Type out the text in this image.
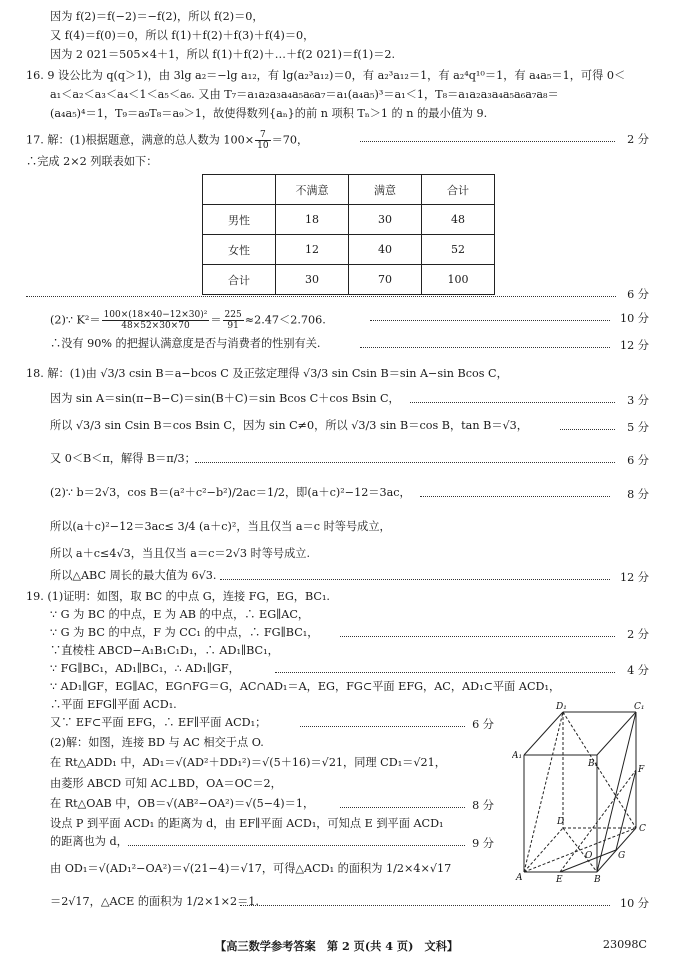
因为 f(2)＝f(−2)＝−f(2)，所以 f(2)＝0，
又 f(4)＝f(0)＝0，所以 f(1)＋f(2)＋f(3)＋f(4)＝0，
因为 2 021＝505×4＋1，所以 f(1)＋f(2)＋…＋f(2 021)＝f(1)＝2.
16. 9 设公比为 q(q＞1)，由 3lg a₂＝−lg a₁₂，有 lg(a₂³a₁₂)＝0，有 a₂³a₁₂＝1，有 a₂⁴q¹⁰＝1，有 a₄a₅＝1，可得 0＜
a₁＜a₂＜a₃＜a₄＜1＜a₅＜a₆. 又由 T₇＝a₁a₂a₃a₄a₅a₆a₇＝a₁(a₄a₅)³＝a₁＜1，T₈＝a₁a₂a₃a₄a₅a₆a₇a₈＝
(a₄a₅)⁴＝1，T₉＝a₉T₈＝a₉＞1，故使得数列{aₙ}的前 n 项积 Tₙ＞1 的 n 的最小值为 9.
17. 解：(1)根据题意，满意的总人数为 $100\times \frac{7}{10} =70$，	2 分
∴完成 2×2 列联表如下：
	不满意	满意	合计
男性	18	30	48
女性	12	40	52
合计	30	70	100
6 分
(2)∵ $K^2= \frac{\text{100×(18×40−12×30)²}}{48\times 52\times 30\times 70} = \frac{225}{91} \approx 2.47<2.706$.	10 分
∴没有 90% 的把握认满意度是否与消费者的性别有关.	12 分
18. 解：(1)由 √3/3 csin B＝a−bcos C 及正弦定理得 √3/3 sin Csin B＝sin A−sin Bcos C，
因为 sin A＝sin(π−B−C)＝sin(B＋C)＝sin Bcos C＋cos Bsin C，	3 分
所以 √3/3 sin Csin B＝cos Bsin C，因为 sin C≠0，所以 √3/3 sin B＝cos B，tan B＝√3，	5 分
又 0＜B＜π，解得 B＝π/3；	6 分
(2)∵ b＝2√3，cos B＝(a²＋c²−b²)/2ac＝1/2，即(a＋c)²−12＝3ac，	8 分
所以(a＋c)²−12＝3ac≤ 3/4 (a＋c)²，当且仅当 a＝c 时等号成立，
所以 a＋c≤4√3，当且仅当 a＝c＝2√3 时等号成立.
所以△ABC 周长的最大值为 6√3.	12 分
19. (1)证明：如图，取 BC 的中点 G，连接 FG，EG，BC₁.
∵ G 为 BC 的中点，E 为 AB 的中点，∴ EG∥AC，
∵ G 为 BC 的中点，F 为 CC₁ 的中点，∴ FG∥BC₁，	2 分
∵直棱柱 ABCD−A₁B₁C₁D₁，∴ AD₁∥BC₁，
∵ FG∥BC₁，AD₁∥BC₁，∴ AD₁∥GF，	4 分
∵ AD₁∥GF，EG∥AC，EG∩FG＝G，AC∩AD₁＝A，EG，FG⊂平面 EFG，AC，AD₁⊂平面 ACD₁，
∴平面 EFG∥平面 ACD₁.
又∵ EF⊂平面 EFG，∴ EF∥平面 ACD₁；	6 分
(2)解：如图，连接 BD 与 AC 相交于点 O.
在 Rt△ADD₁ 中，AD₁＝√(AD²＋DD₁²)＝√(5＋16)＝√21，同理 CD₁＝√21，
由菱形 ABCD 可知 AC⊥BD，OA＝OC＝2，
在 Rt△OAB 中，OB＝√(AB²−OA²)＝√(5−4)＝1，	8 分
设点 P 到平面 ACD₁ 的距离为 d，由 EF∥平面 ACD₁，可知点 E 到平面 ACD₁
的距离也为 d，	9 分
由 OD₁＝√(AD₁²−OA²)＝√(21−4)＝√17，可得△ACD₁ 的面积为 1/2×4×√17
＝2√17，△ACE 的面积为 1/2×1×2＝1.	10 分
D₁	C₁
A₁
B₁
F
D
C
O	G
A	E	B
【高三数学参考答案　第 2 页(共 4 页)　文科】	23098C
